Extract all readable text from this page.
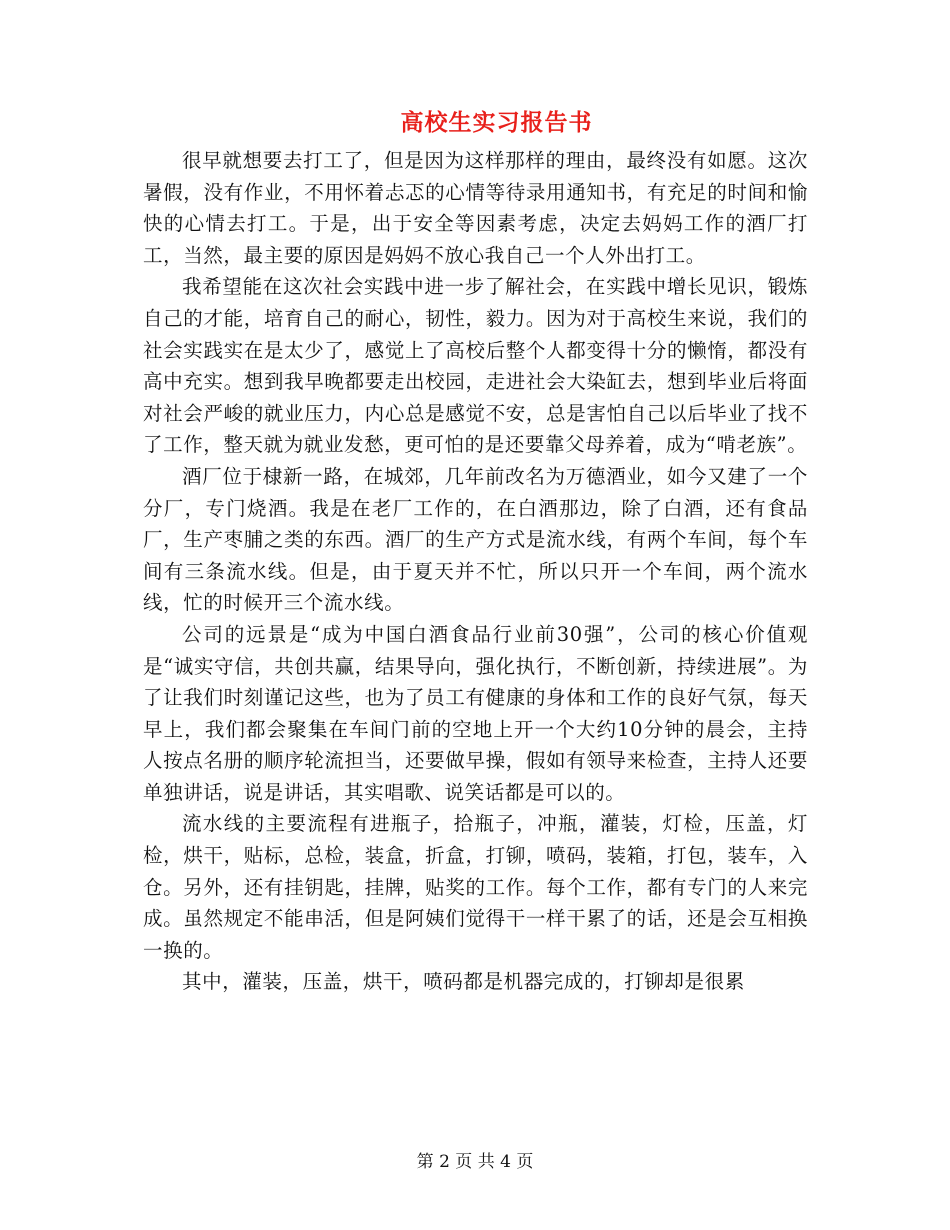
高校生实习报告书

很早就想要去打工了，但是因为这样那样的理由，最终没有如愿。这次暑假，没有作业，不用怀着忐忑的心情等待录用通知书，有充足的时间和愉快的心情去打工。于是，出于安全等因素考虑，决定去妈妈工作的酒厂打工，当然，最主要的原因是妈妈不放心我自己一个人外出打工。

我希望能在这次社会实践中进一步了解社会，在实践中增长见识，锻炼自己的才能，培育自己的耐心，韧性，毅力。因为对于高校生来说，我们的社会实践实在是太少了，感觉上了高校后整个人都变得十分的懒惰，都没有高中充实。想到我早晚都要走出校园，走进社会大染缸去，想到毕业后将面对社会严峻的就业压力，内心总是感觉不安，总是害怕自己以后毕业了找不了工作，整天就为就业发愁，更可怕的是还要靠父母养着，成为“啃老族”。

酒厂位于棣新一路，在城郊，几年前改名为万德酒业，如今又建了一个分厂，专门烧酒。我是在老厂工作的，在白酒那边，除了白酒，还有食品厂，生产枣脯之类的东西。酒厂的生产方式是流水线，有两个车间，每个车间有三条流水线。但是，由于夏天并不忙，所以只开一个车间，两个流水线，忙的时候开三个流水线。

公司的远景是“成为中国白酒食品行业前30强”，公司的核心价值观是“诚实守信，共创共赢，结果导向，强化执行，不断创新，持续进展”。为了让我们时刻谨记这些，也为了员工有健康的身体和工作的良好气氛，每天早上，我们都会聚集在车间门前的空地上开一个大约10分钟的晨会，主持人按点名册的顺序轮流担当，还要做早操，假如有领导来检查，主持人还要单独讲话，说是讲话，其实唱歌、说笑话都是可以的。

流水线的主要流程有进瓶子，拾瓶子，冲瓶，灌装，灯检，压盖，灯检，烘干，贴标，总检，装盒，折盒，打铆，喷码，装箱，打包，装车，入仓。另外，还有挂钥匙，挂牌，贴奖的工作。每个工作，都有专门的人来完成。虽然规定不能串活，但是阿姨们觉得干一样干累了的话，还是会互相换一换的。

其中，灌装，压盖，烘干，喷码都是机器完成的，打铆却是很累

第 2 页 共 4 页
